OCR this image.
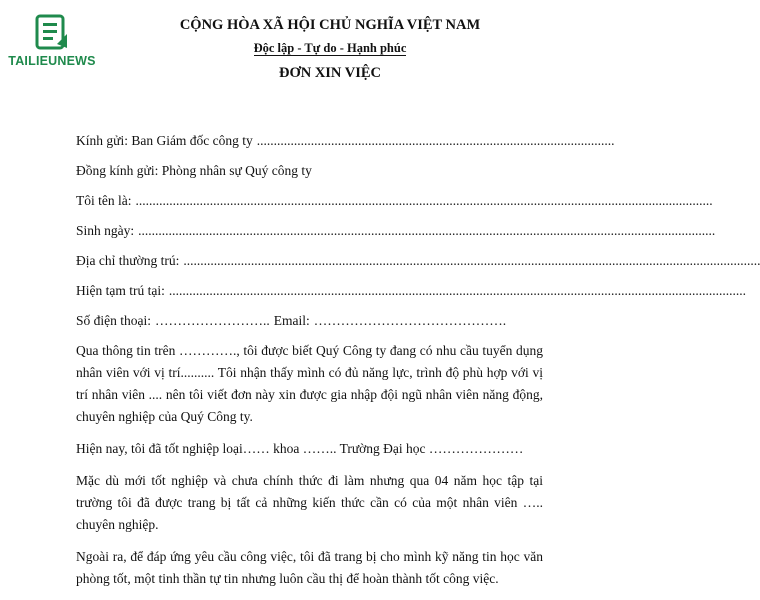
TAILIEUNEWS
CỘNG HÒA XÃ HỘI CHỦ NGHĨA VIỆT NAM
Độc lập - Tự do - Hạnh phúc
ĐƠN XIN VIỆC
Kính gửi: Ban Giám đốc công ty ..........................................................................................................
Đồng kính gửi: Phòng nhân sự Quý công ty
Tôi tên là: ...........................................................................................................................................................................
Sinh ngày: ...........................................................................................................................................................................
Địa chỉ thường trú: ...........................................................................................................................................................................
Hiện tạm trú tại: ...........................................................................................................................................................................
Số điện thoại: …………………….. Email: …………………………………….

Qua thông tin trên …………., tôi được biết Quý Công ty đang có nhu cầu tuyển dụng nhân viên với vị trí.......... Tôi nhận thấy mình có đủ năng lực, trình độ phù hợp với vị trí nhân viên .... nên tôi viết đơn này xin được gia nhập đội ngũ nhân viên năng động, chuyên nghiệp của Quý Công ty.

Hiện nay, tôi đã tốt nghiệp loại…… khoa …….. Trường Đại học …………………

Mặc dù mới tốt nghiệp và chưa chính thức đi làm nhưng qua 04 năm học tập tại trường tôi đã được trang bị tất cả những kiến thức cần có của một nhân viên ….. chuyên nghiệp.

Ngoài ra, để đáp ứng yêu cầu công việc, tôi đã trang bị cho mình kỹ năng tin học văn phòng tốt, một tinh thần tự tin nhưng luôn cầu thị để hoàn thành tốt công việc.
